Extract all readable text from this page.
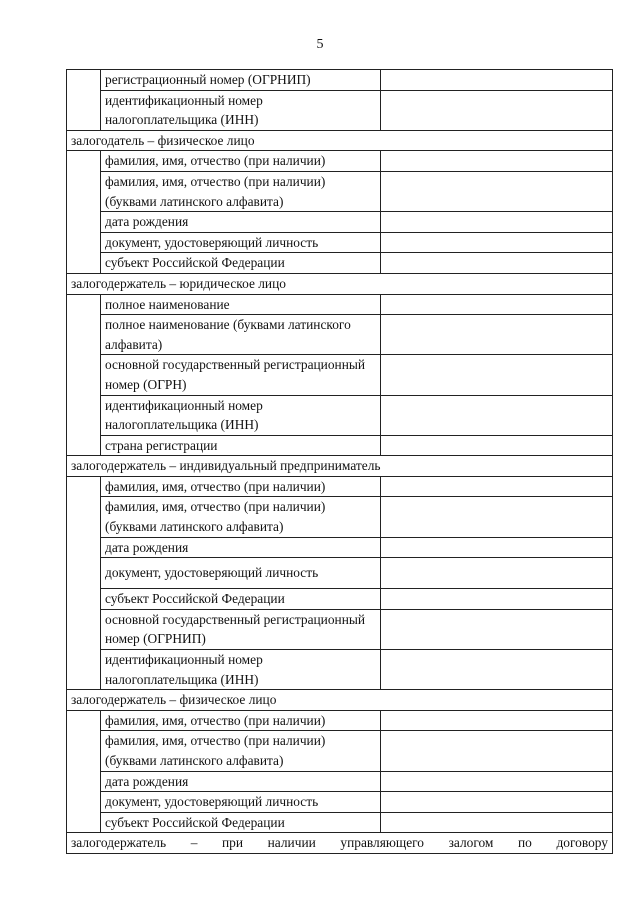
5
	регистрационный номер (ОГРНИП)	
	идентификационный номер налогоплательщика (ИНН)	
залогодатель – физическое лицо		
	фамилия, имя, отчество (при наличии)	
	фамилия, имя, отчество (при наличии) (буквами латинского алфавита)	
	дата рождения	
	документ, удостоверяющий личность	
	субъект Российской Федерации	
залогодержатель – юридическое лицо		
	полное наименование	
	полное наименование (буквами латинского алфавита)	
	основной государственный регистрационный номер (ОГРН)	
	идентификационный номер налогоплательщика (ИНН)	
	страна регистрации	
залогодержатель – индивидуальный предприниматель		
	фамилия, имя, отчество (при наличии)	
	фамилия, имя, отчество (при наличии) (буквами латинского алфавита)	
	дата рождения	
	документ, удостоверяющий личность	
	субъект Российской Федерации	
	основной государственный регистрационный номер (ОГРНИП)	
	идентификационный номер налогоплательщика (ИНН)	
залогодержатель – физическое лицо		
	фамилия, имя, отчество (при наличии)	
	фамилия, имя, отчество (при наличии) (буквами латинского алфавита)	
	дата рождения	
	документ, удостоверяющий личность	
	субъект Российской Федерации	
залогодержатель – при наличии управляющего залогом по договору		
